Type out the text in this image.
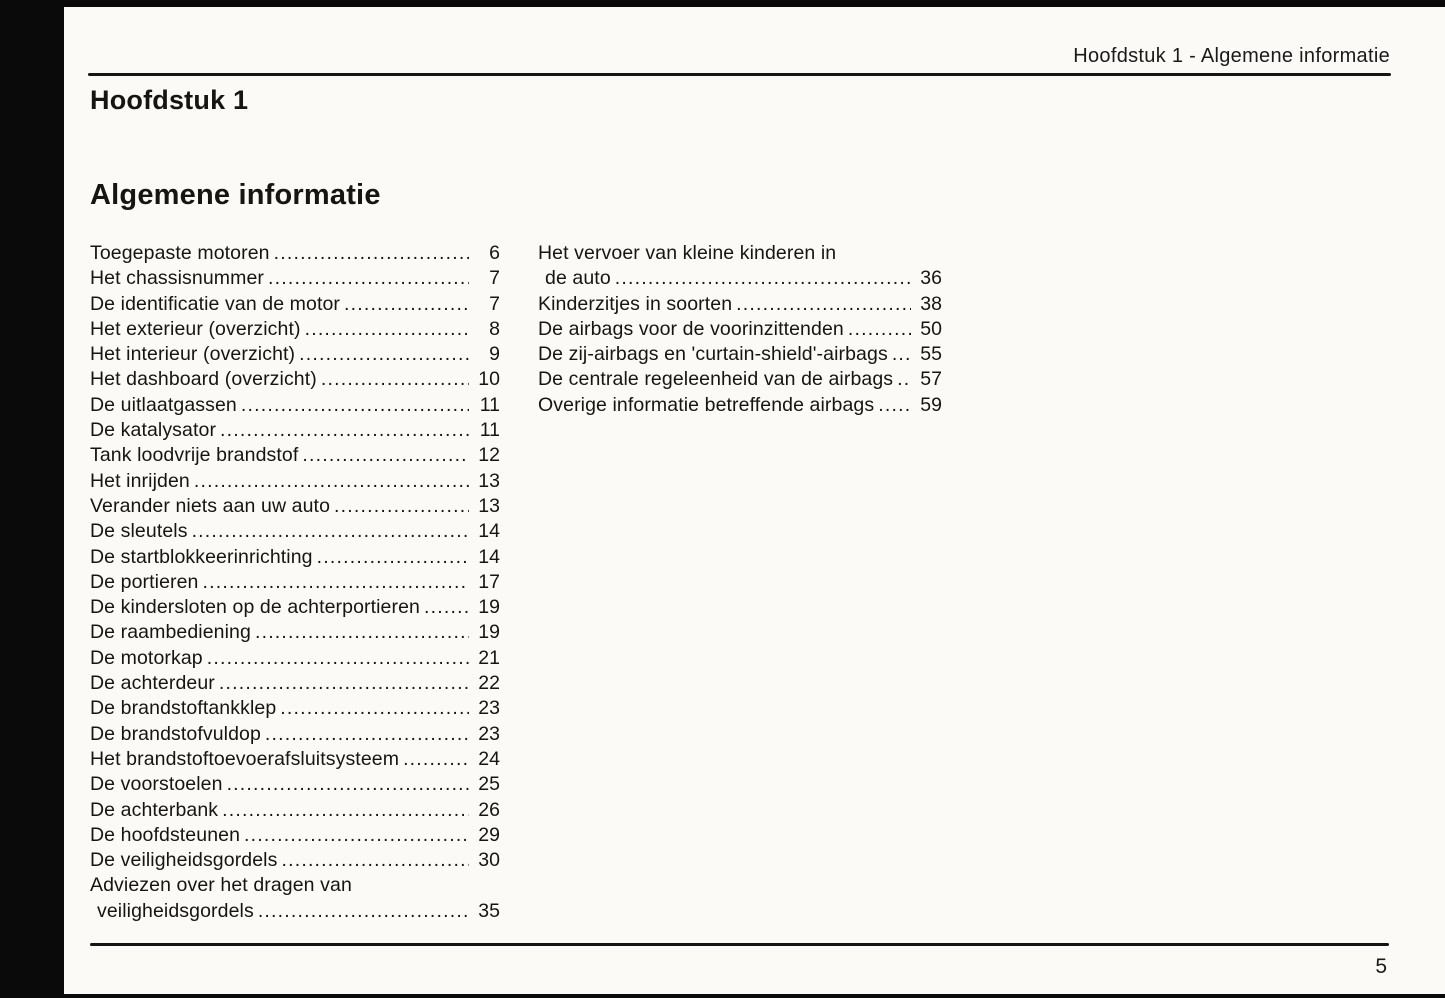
Hoofdstuk 1 - Algemene informatie
Hoofdstuk 1
Algemene informatie
Toegepaste motoren .....	6
Het chassisnummer .....	7
De identificatie van de motor .....	7
Het exterieur (overzicht) .....	8
Het interieur (overzicht) .....	9
Het dashboard (overzicht) .....	10
De uitlaatgassen .....	11
De katalysator .....	11
Tank loodvrije brandstof .....	12
Het inrijden .....	13
Verander niets aan uw auto .....	13
De sleutels .....	14
De startblokkeerinrichting .....	14
De portieren .....	17
De kindersloten op de achterportieren .....	19
De raambediening .....	19
De motorkap .....	21
De achterdeur .....	22
De brandstoftankklep .....	23
De brandstofvuldop .....	23
Het brandstoftoevoerafsluitsysteem .....	24
De voorstoelen .....	25
De achterbank .....	26
De hoofdsteunen .....	29
De veiligheidsgordels .....	30
Adviezen over het dragen van
veiligheidsgordels .....	35
Het vervoer van kleine kinderen in
de auto .....	36
Kinderzitjes in soorten .....	38
De airbags voor de voorinzittenden .....	50
De zij-airbags en 'curtain-shield'-airbags ..... 55
De centrale regeleenheid van de airbags ..... 57
Overige informatie betreffende airbags ..... 59
5
